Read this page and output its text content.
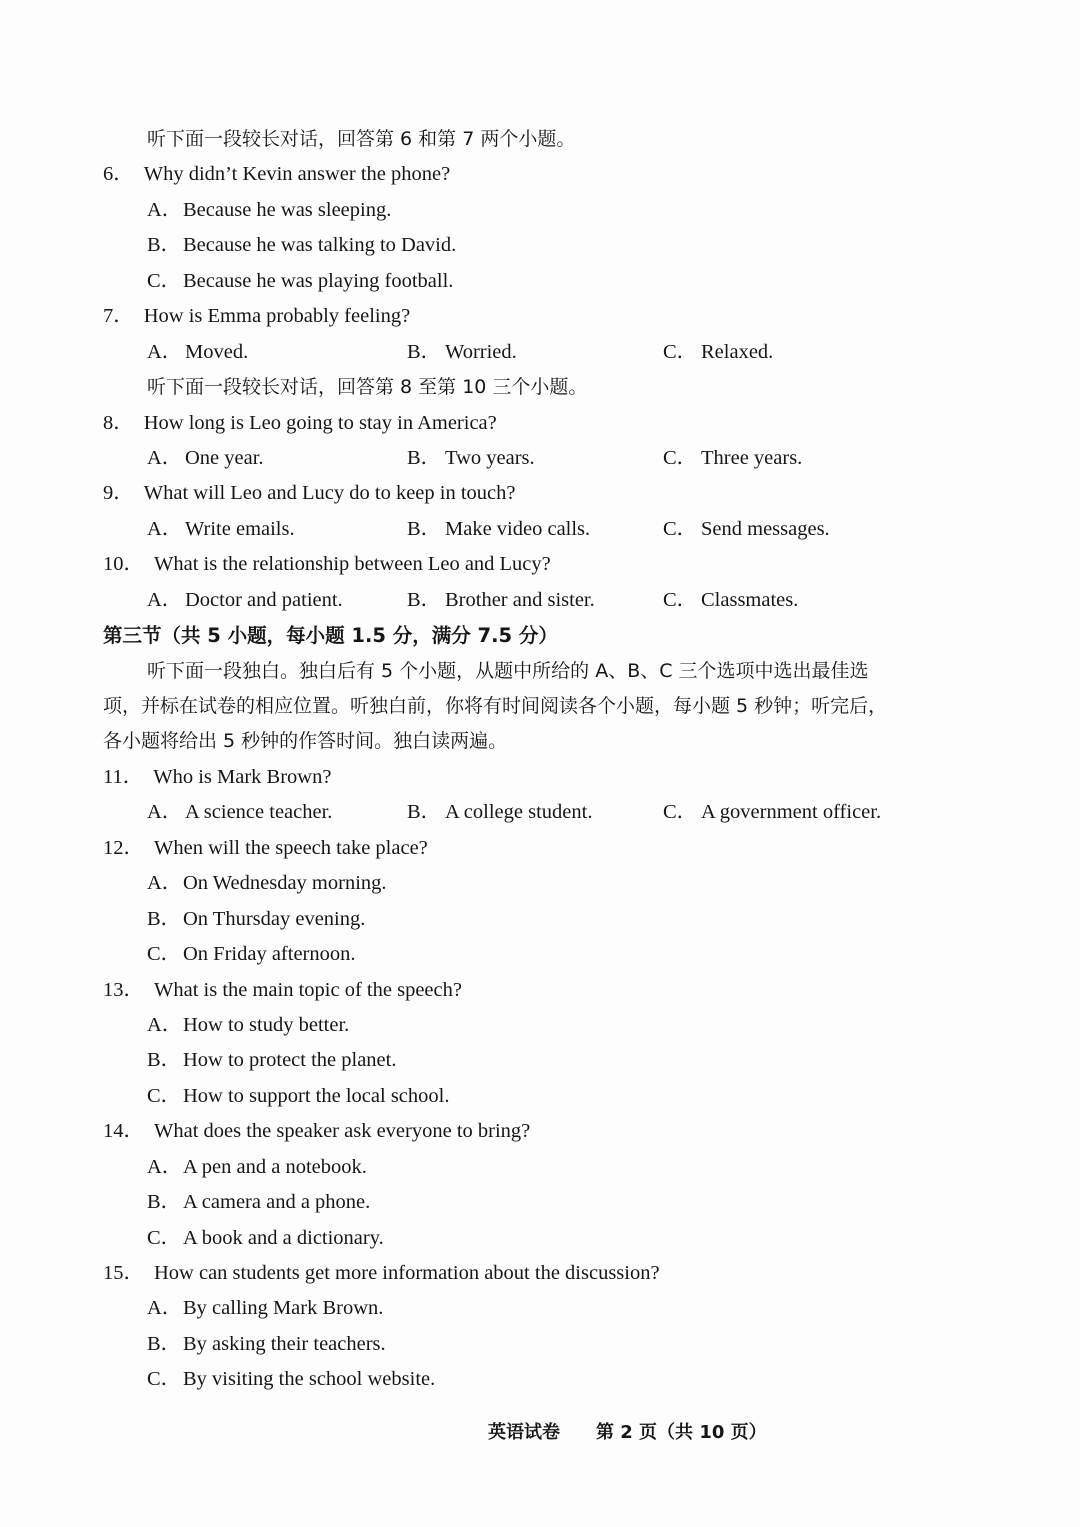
听下面一段较长对话，回答第 6 和第 7 两个小题。
6． Why didn’t Kevin answer the phone?
A．Because he was sleeping.
B．Because he was talking to David.
C．Because he was playing football.
7． How is Emma probably feeling?
A． Moved.	B． Worried.	C． Relaxed.
听下面一段较长对话，回答第 8 至第 10 三个小题。
8． How long is Leo going to stay in America?
A． One year.	B． Two years.	C． Three years.
9． What will Leo and Lucy do to keep in touch?
A． Write emails.	B． Make video calls.	C． Send messages.
10． What is the relationship between Leo and Lucy?
A． Doctor and patient.	B． Brother and sister.	C． Classmates.
第三节（共 5 小题，每小题 1.5 分，满分 7.5 分）
听下面一段独白。独白后有 5 个小题，从题中所给的 A、B、C 三个选项中选出最佳选
项，并标在试卷的相应位置。听独白前，你将有时间阅读各个小题，每小题 5 秒钟；听完后，
各小题将给出 5 秒钟的作答时间。独白读两遍。
11． Who is Mark Brown?
A． A science teacher.	B． A college student.	C． A government officer.
12． When will the speech take place?
A．On Wednesday morning.
B．On Thursday evening.
C．On Friday afternoon.
13． What is the main topic of the speech?
A．How to study better.
B．How to protect the planet.
C．How to support the local school.
14． What does the speaker ask everyone to bring?
A．A pen and a notebook.
B．A camera and a phone.
C．A book and a dictionary.
15． How can students get more information about the discussion?
A．By calling Mark Brown.
B．By asking their teachers.
C．By visiting the school website.
英语试卷 第 2 页（共 10 页）
